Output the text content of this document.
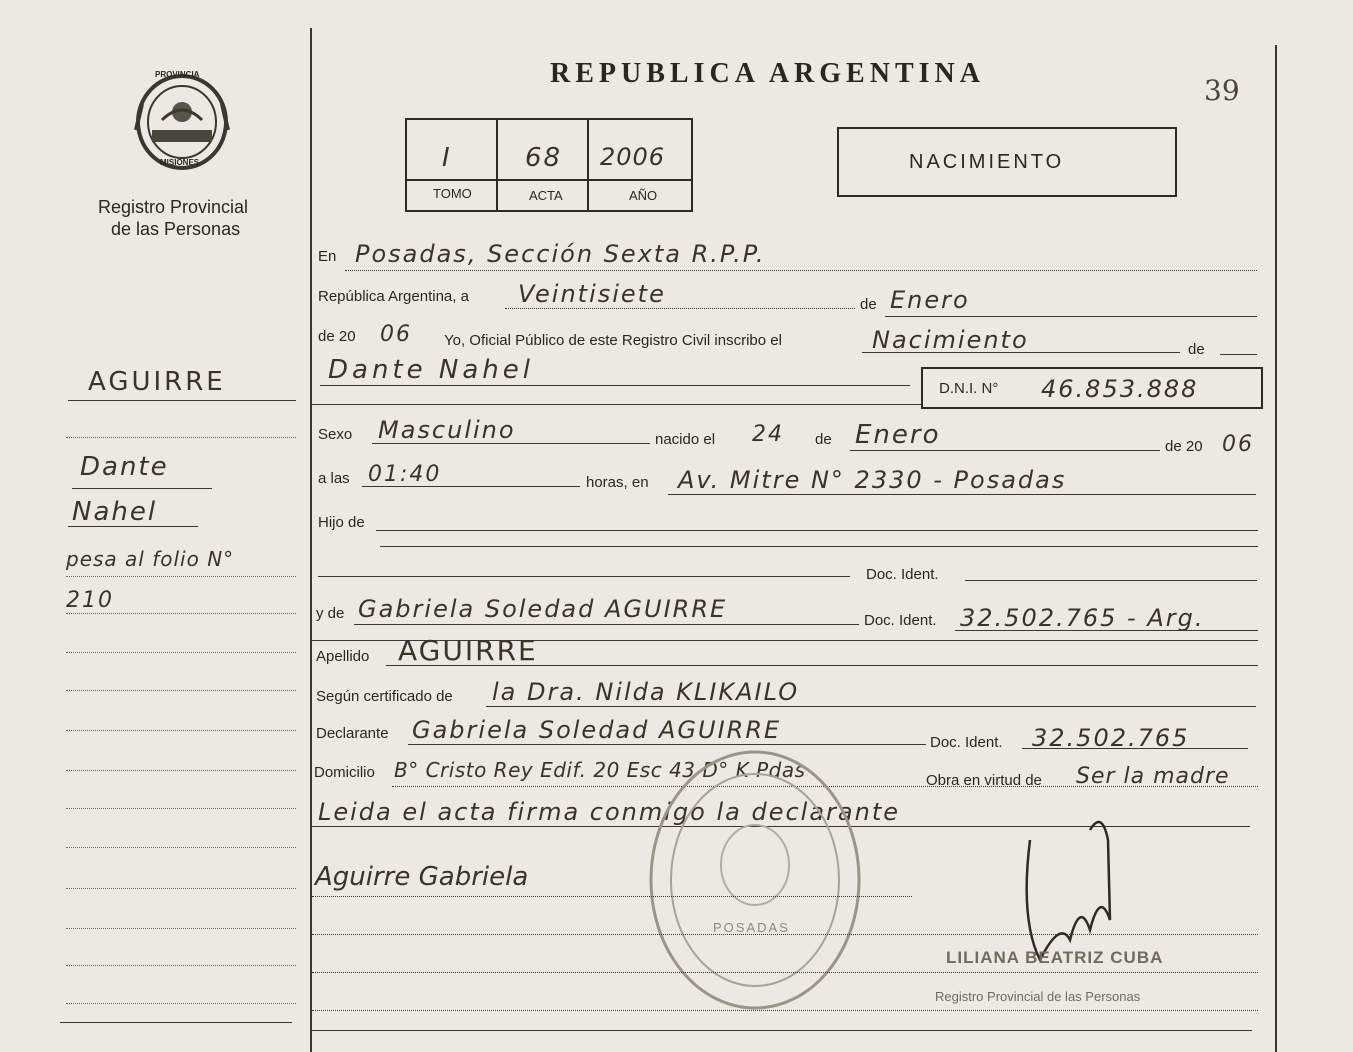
PROVINCIA
MISIONES
Registro Provincial
de las Personas
REPUBLICA ARGENTINA
39
I	68 2006
TOMO	ACTA	AÑO
NACIMIENTO
AGUIRRE
Dante
Nahel
pesa al folio N°
210
En Posadas, Sección Sexta R.P.P.
República Argentina, a Veintisiete	de Enero
de 20 06 Yo, Oficial Público de este Registro Civil inscribo el	Nacimiento	de
Dante Nahel
D.N.I. N° 46.853.888
Sexo Masculino	nacido el 24 de Enero	de 20 06
a las 01:40	horas, en Av. Mitre N° 2330 - Posadas
Hijo de
Doc. Ident.
y de Gabriela Soledad AGUIRRE	Doc. Ident. 32.502.765 - Arg.
Apellido AGUIRRE
Según certificado de la Dra. Nilda KLIKAILO
Declarante Gabriela Soledad AGUIRRE	Doc. Ident. 32.502.765
Domicilio B° Cristo Rey Edif. 20 Esc 43 D° K Pdas	Obra en virtud de Ser la madre
Leida el acta firma conmigo la declarante
POSADAS
Aguirre Gabriela
LILIANA BEATRIZ CUBA
Registro Provincial de las Personas
